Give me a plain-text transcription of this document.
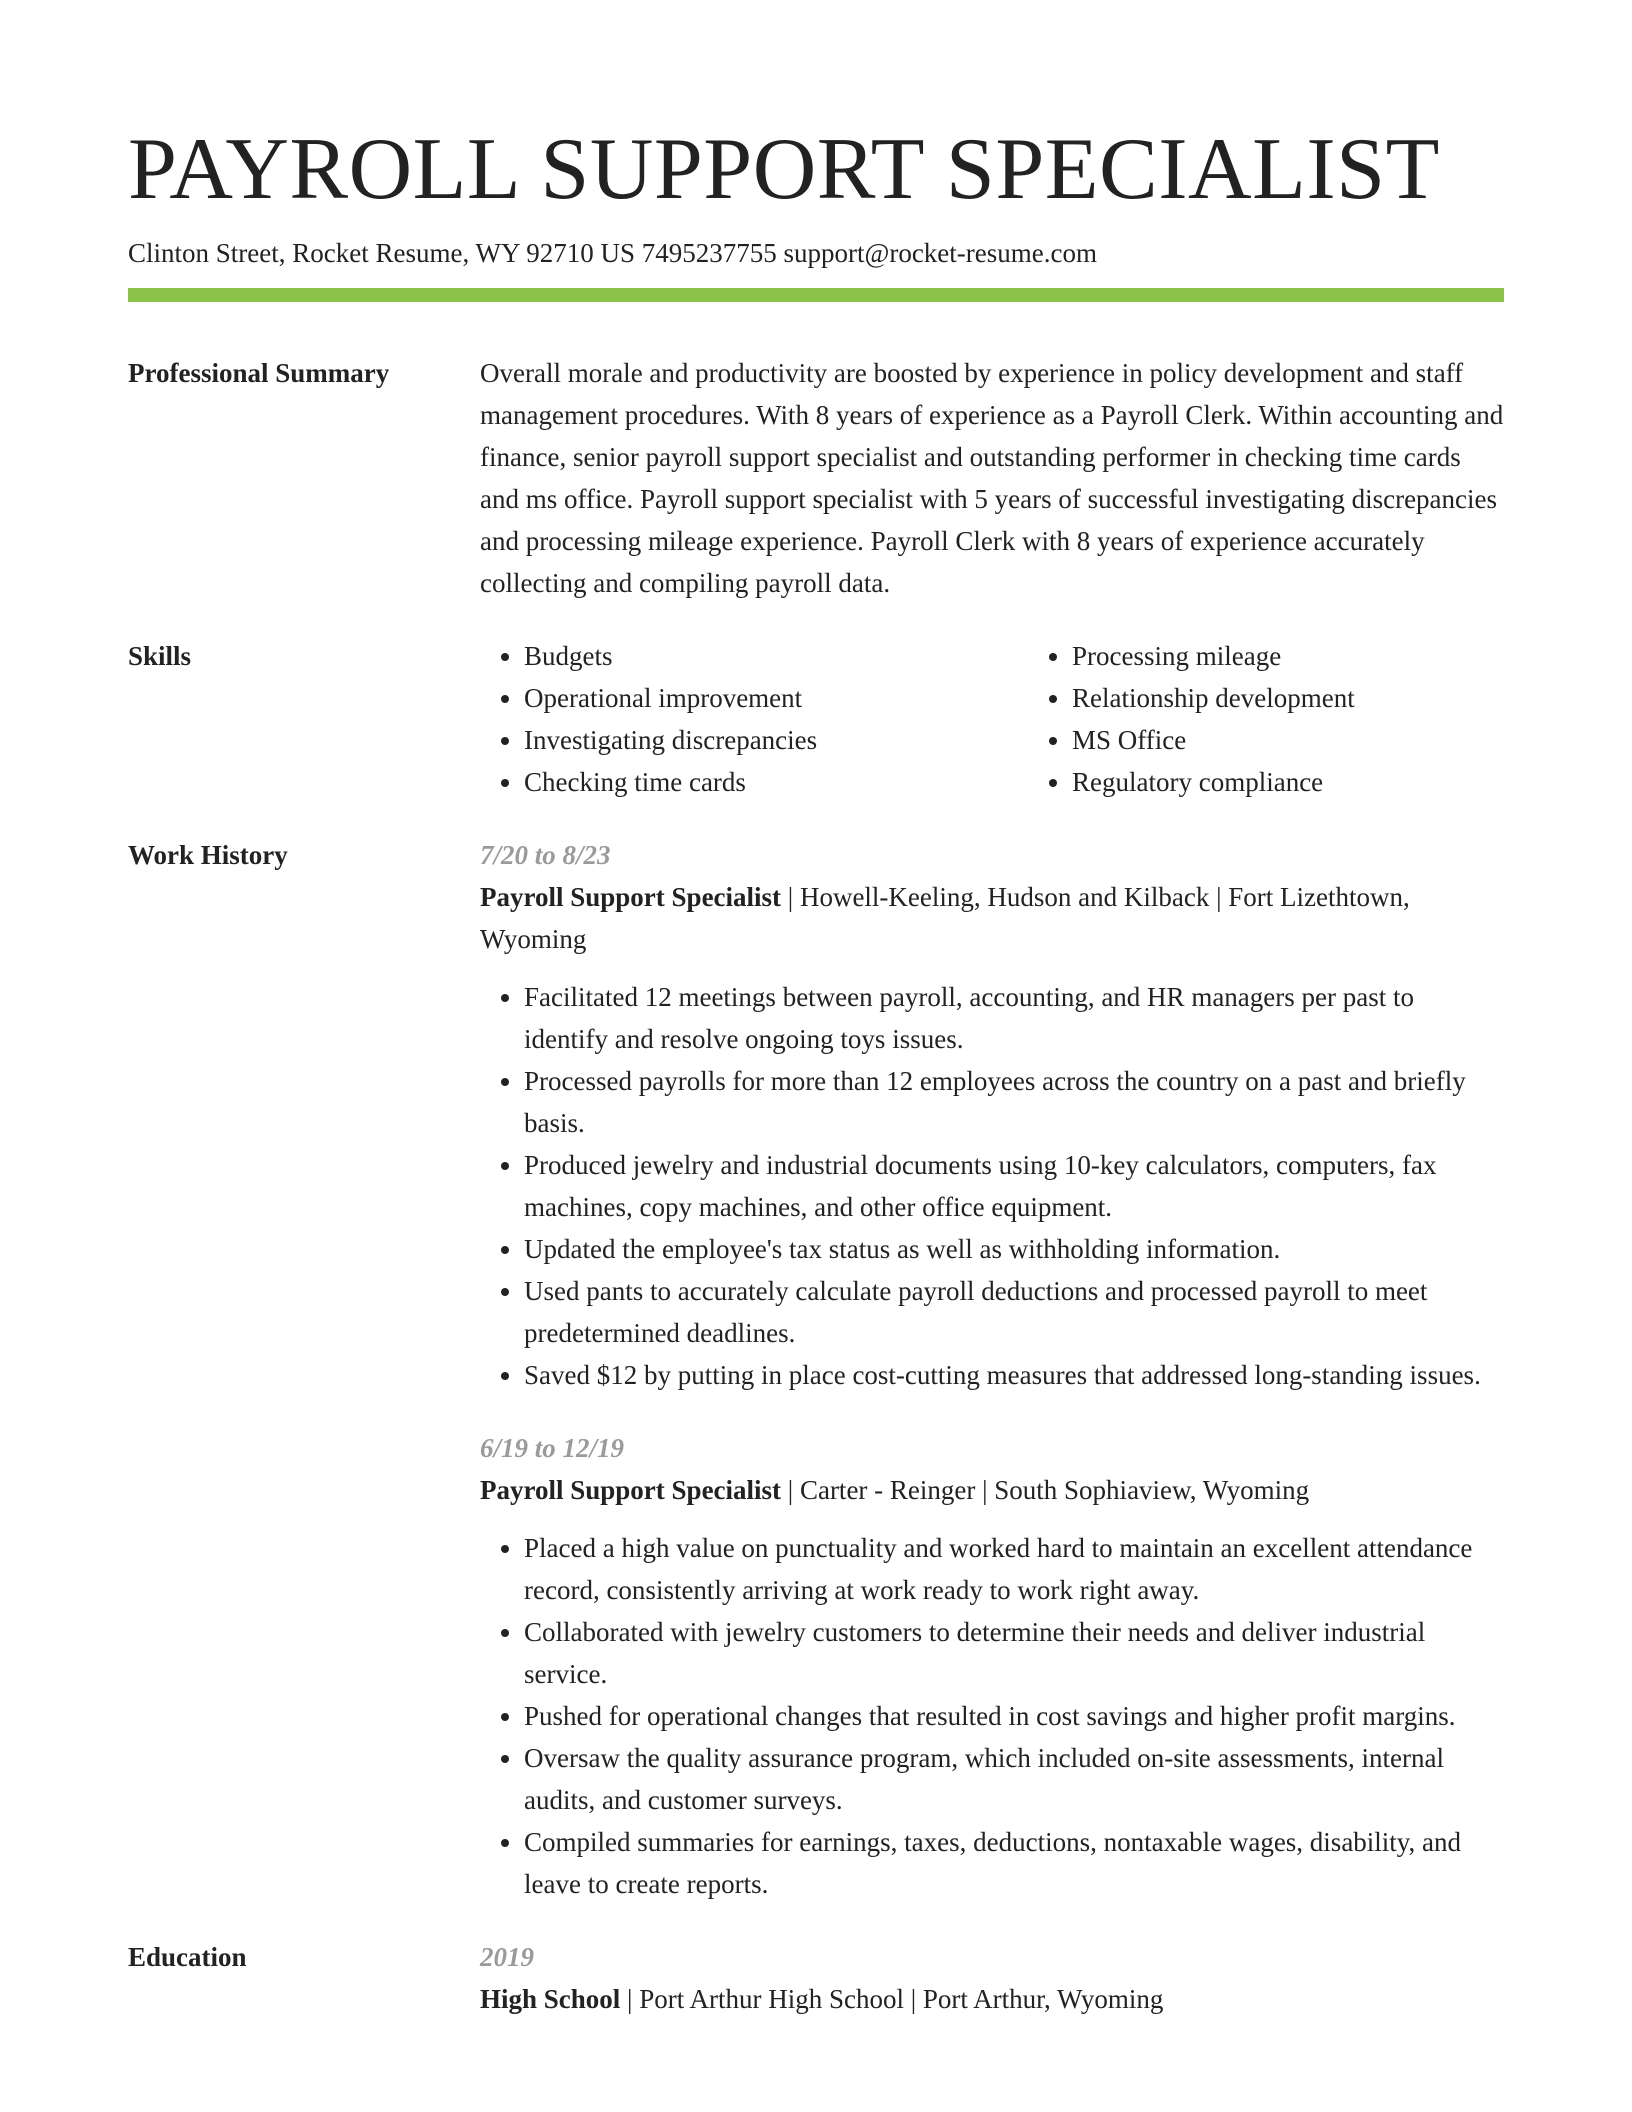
PAYROLL SUPPORT SPECIALIST
Clinton Street, Rocket Resume, WY 92710 US 7495237755 support@rocket-resume.com
Professional Summary	Overall morale and productivity are boosted by experience in policy development and staff management procedures. With 8 years of experience as a Payroll Clerk. Within accounting and finance, senior payroll support specialist and outstanding performer in checking time cards and ms office. Payroll support specialist with 5 years of successful investigating discrepancies and processing mileage experience. Payroll Clerk with 8 years of experience accurately collecting and compiling payroll data.
Skills
•	Budgets
• Operational improvement
• Investigating discrepancies
• Checking time cards
• Processing mileage
• Relationship development
• MS Office
• Regulatory compliance
Work History	7/20 to 8/23
Payroll Support Specialist | Howell-Keeling, Hudson and Kilback | Fort Lizethtown, Wyoming
• Facilitated 12 meetings between payroll, accounting, and HR managers per past to identify and resolve ongoing toys issues.
• Processed payrolls for more than 12 employees across the country on a past and briefly basis.
• Produced jewelry and industrial documents using 10-key calculators, computers, fax machines, copy machines, and other office equipment.
• Updated the employee's tax status as well as withholding information.
• Used pants to accurately calculate payroll deductions and processed payroll to meet predetermined deadlines.
• Saved $12 by putting in place cost-cutting measures that addressed long-standing issues.
6/19 to 12/19
Payroll Support Specialist | Carter - Reinger | South Sophiaview, Wyoming
• Placed a high value on punctuality and worked hard to maintain an excellent attendance record, consistently arriving at work ready to work right away.
• Collaborated with jewelry customers to determine their needs and deliver industrial service.
• Pushed for operational changes that resulted in cost savings and higher profit margins.
• Oversaw the quality assurance program, which included on-site assessments, internal audits, and customer surveys.
• Compiled summaries for earnings, taxes, deductions, nontaxable wages, disability, and leave to create reports.
Education	2019
High School | Port Arthur High School | Port Arthur, Wyoming
